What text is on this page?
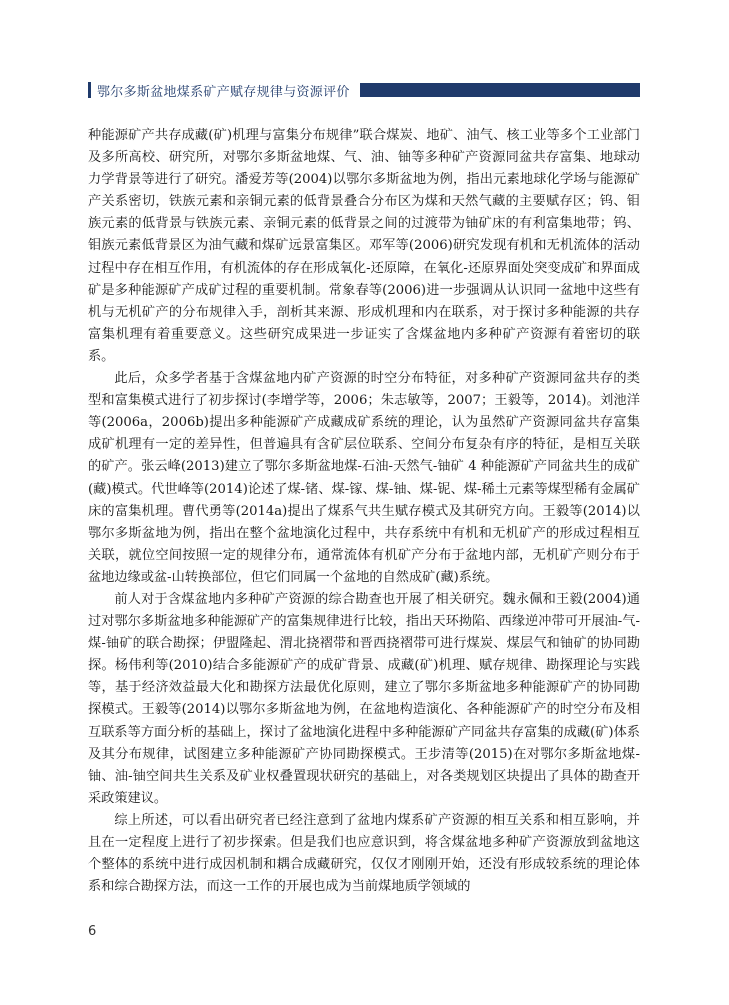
鄂尔多斯盆地煤系矿产赋存规律与资源评价

种能源矿产共存成藏(矿)机理与富集分布规律”联合煤炭、地矿、油气、核工业等多个工业部门及多所高校、研究所，对鄂尔多斯盆地煤、气、油、铀等多种矿产资源同盆共存富集、地球动力学背景等进行了研究。潘爱芳等(2004)以鄂尔多斯盆地为例，指出元素地球化学场与能源矿产关系密切，铁族元素和亲铜元素的低背景叠合分布区为煤和天然气藏的主要赋存区；钨、钼族元素的低背景与铁族元素、亲铜元素的低背景之间的过渡带为铀矿床的有利富集地带；钨、钼族元素低背景区为油气藏和煤矿远景富集区。邓军等(2006)研究发现有机和无机流体的活动过程中存在相互作用，有机流体的存在形成氧化-还原障，在氧化-还原界面处突变成矿和界面成矿是多种能源矿产成矿过程的重要机制。常象春等(2006)进一步强调从认识同一盆地中这些有机与无机矿产的分布规律入手，剖析其来源、形成机理和内在联系，对于探讨多种能源的共存富集机理有着重要意义。这些研究成果进一步证实了含煤盆地内多种矿产资源有着密切的联系。

此后，众多学者基于含煤盆地内矿产资源的时空分布特征，对多种矿产资源同盆共存的类型和富集模式进行了初步探讨(李增学等，2006；朱志敏等，2007；王毅等，2014)。刘池洋等(2006a，2006b)提出多种能源矿产成藏成矿系统的理论，认为虽然矿产资源同盆共存富集成矿机理有一定的差异性，但普遍具有含矿层位联系、空间分布复杂有序的特征，是相互关联的矿产。张云峰(2013)建立了鄂尔多斯盆地煤-石油-天然气-铀矿 4 种能源矿产同盆共生的成矿(藏)模式。代世峰等(2014)论述了煤-锗、煤-镓、煤-铀、煤-铌、煤-稀土元素等煤型稀有金属矿床的富集机理。曹代勇等(2014a)提出了煤系气共生赋存模式及其研究方向。王毅等(2014)以鄂尔多斯盆地为例，指出在整个盆地演化过程中，共存系统中有机和无机矿产的形成过程相互关联，就位空间按照一定的规律分布，通常流体有机矿产分布于盆地内部，无机矿产则分布于盆地边缘或盆-山转换部位，但它们同属一个盆地的自然成矿(藏)系统。

前人对于含煤盆地内多种矿产资源的综合勘查也开展了相关研究。魏永佩和王毅(2004)通过对鄂尔多斯盆地多种能源矿产的富集规律进行比较，指出天环拗陷、西缘逆冲带可开展油-气-煤-铀矿的联合勘探；伊盟隆起、渭北挠褶带和晋西挠褶带可进行煤炭、煤层气和铀矿的协同勘探。杨伟利等(2010)结合多能源矿产的成矿背景、成藏(矿)机理、赋存规律、勘探理论与实践等，基于经济效益最大化和勘探方法最优化原则，建立了鄂尔多斯盆地多种能源矿产的协同勘探模式。王毅等(2014)以鄂尔多斯盆地为例，在盆地构造演化、各种能源矿产的时空分布及相互联系等方面分析的基础上，探讨了盆地演化进程中多种能源矿产同盆共存富集的成藏(矿)体系及其分布规律，试图建立多种能源矿产协同勘探模式。王步清等(2015)在对鄂尔多斯盆地煤-铀、油-铀空间共生关系及矿业权叠置现状研究的基础上，对各类规划区块提出了具体的勘查开采政策建议。

综上所述，可以看出研究者已经注意到了盆地内煤系矿产资源的相互关系和相互影响，并且在一定程度上进行了初步探索。但是我们也应意识到，将含煤盆地多种矿产资源放到盆地这个整体的系统中进行成因机制和耦合成藏研究，仅仅才刚刚开始，还没有形成较系统的理论体系和综合勘探方法，而这一工作的开展也成为当前煤地质学领域的

6
